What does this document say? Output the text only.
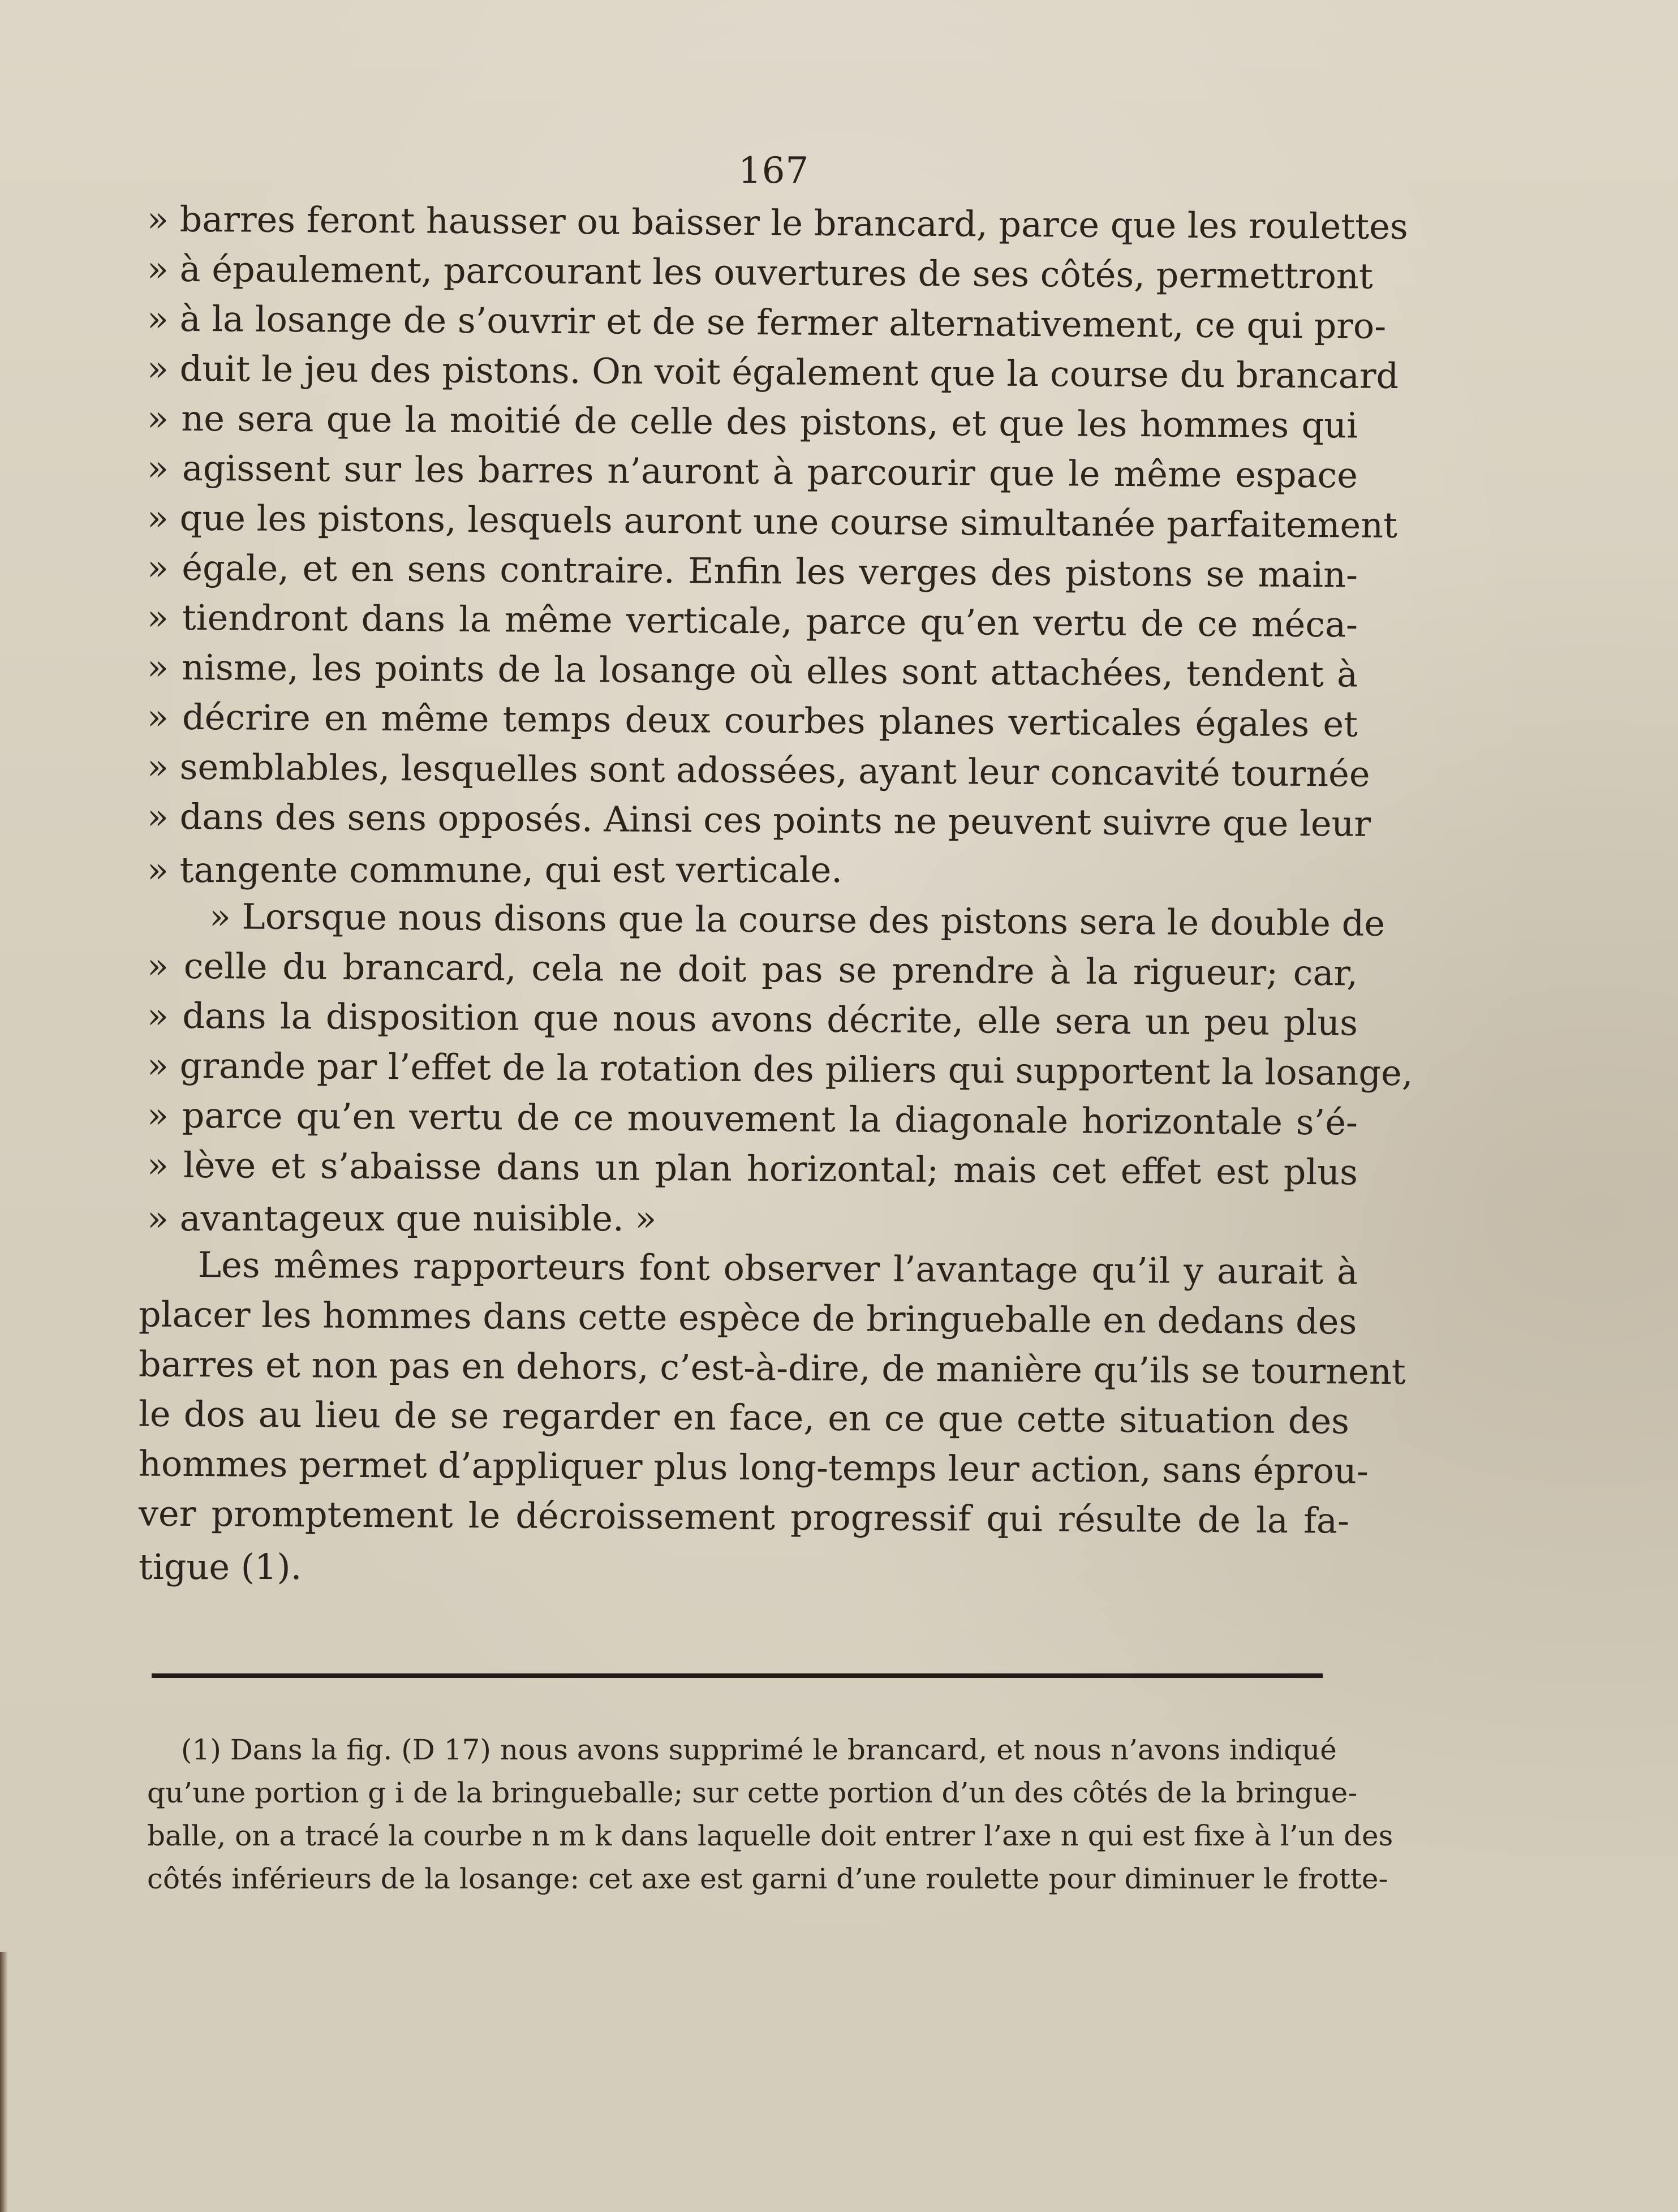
167
» barres feront hausser ou baisser le brancard, parce que les roulettes
» à épaulement, parcourant les ouvertures de ses côtés, permettront
» à la losange de s’ouvrir et de se fermer alternativement, ce qui pro-
» duit le jeu des pistons. On voit également que la course du brancard
» ne sera que la moitié de celle des pistons, et que les hommes qui
» agissent sur les barres n’auront à parcourir que le même espace
» que les pistons, lesquels auront une course simultanée parfaitement
» égale, et en sens contraire. Enfin les verges des pistons se main-
» tiendront dans la même verticale, parce qu’en vertu de ce méca-
» nisme, les points de la losange où elles sont attachées, tendent à
» décrire en même temps deux courbes planes verticales égales et
» semblables, lesquelles sont adossées, ayant leur concavité tournée
» dans des sens opposés. Ainsi ces points ne peuvent suivre que leur
» tangente commune, qui est verticale.
» Lorsque nous disons que la course des pistons sera le double de
» celle du brancard, cela ne doit pas se prendre à la rigueur; car,
» dans la disposition que nous avons décrite, elle sera un peu plus
» grande par l’effet de la rotation des piliers qui supportent la losange,
» parce qu’en vertu de ce mouvement la diagonale horizontale s’é-
» lève et s’abaisse dans un plan horizontal; mais cet effet est plus
» avantageux que nuisible. »
Les mêmes rapporteurs font observer l’avantage qu’il y aurait à
placer les hommes dans cette espèce de bringueballe en dedans des
barres et non pas en dehors, c’est-à-dire, de manière qu’ils se tournent
le dos au lieu de se regarder en face, en ce que cette situation des
hommes permet d’appliquer plus long-temps leur action, sans éprou-
ver promptement le décroissement progressif qui résulte de la fa-
tigue (1).
(1) Dans la fig. (D 17) nous avons supprimé le brancard, et nous n’avons indiqué
qu’une portion g i de la bringueballe; sur cette portion d’un des côtés de la bringue-
balle, on a tracé la courbe n m k dans laquelle doit entrer l’axe n qui est fixe à l’un des
côtés inférieurs de la losange: cet axe est garni d’une roulette pour diminuer le frotte-
